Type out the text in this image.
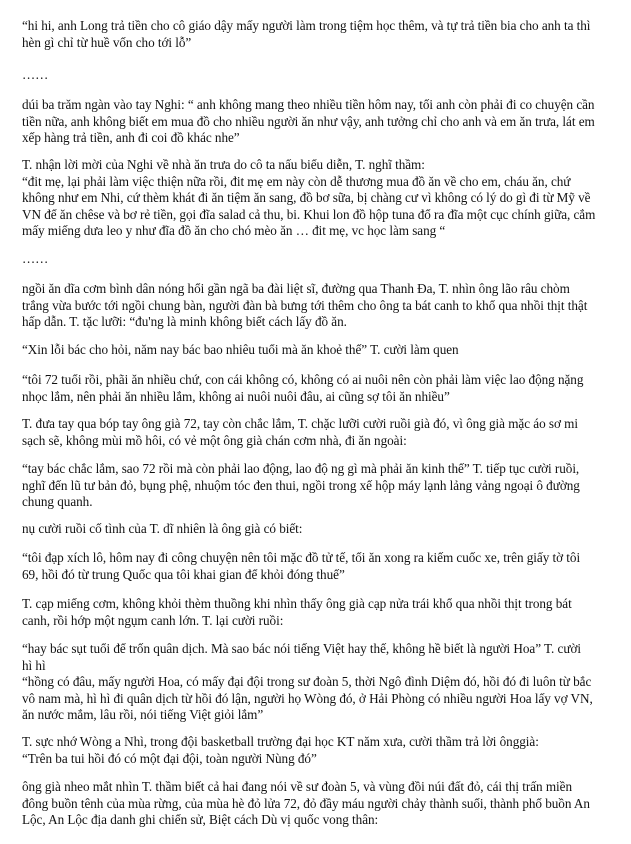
“hi hi, anh Long trả tiền cho cô giáo dậy mấy người làm trong tiệm học thêm, và tự trả tiền bia cho anh ta thì
hèn gì chỉ từ huề vốn cho tới lỗ”

……

dúi ba trăm ngàn vào tay Nghi: “ anh không mang theo nhiều tiền hôm nay, tối anh còn phải đi co chuyện cần
tiền nữa, anh không biết em mua đồ cho nhiều người ăn như vậy, anh tưởng chỉ cho anh và em ăn trưa, lát em
xếp hàng trả tiền, anh đi coi đồ khác nhe”

T. nhận lời mời của Nghi về nhà ăn trưa do cô ta nấu biểu diễn, T. nghĩ thầm:
“đit mẹ, lại phải làm việc thiện nữa rồi, đit mẹ em này còn dễ thương mua đồ ăn về cho em, cháu ăn, chứ
không như em Nhi, cứ thèm khát đi ăn tiệm ăn sang, đồ bơ sữa, bị chàng cư vì không có lý do gì đi từ Mỹ về
VN để ăn chêse và bơ rẻ tiền, gọi đĩa salad cả thu, bi. Khui lon đồ hộp tuna đổ ra đĩa một cục chính giữa, cắm
mấy miếng dưa leo y như đĩa đồ ăn cho chó mèo ăn … đit mẹ, vc học làm sang “

……

ngồi ăn dĩa cơm bình dân nóng hổi gần ngã ba đài liệt sĩ, đường qua Thanh Đa, T. nhìn ông lão râu chòm
trắng vừa bước tới ngồi chung bàn, người đàn bà bưng tới thêm cho ông ta bát canh to khổ qua nhồi thịt thật
hấp dẫn. T. tặc lưỡi: “đu'ng là minh không biết cách lấy đồ ăn.

“Xin lỗi bác cho hỏi, năm nay bác bao nhiêu tuổi mà ăn khoẻ thế” T. cười làm quen

“tôi 72 tuổi rồi, phãi ăn nhiều chứ, con cái không có, không có ai nuôi nên còn phải làm việc lao động nặng
nhọc lắm, nên phải ăn nhiều lắm, không ai nuôi nuôi đâu, ai cũng sợ tôi ăn nhiều”

T. đưa tay qua bóp tay ông già 72, tay còn chắc lắm, T. chặc lưỡi cười ruồi già đó, vì ông già mặc áo sơ mi
sạch sẽ, không mùi mồ hôi, có vẻ một ông già chán cơm nhà, đi ăn ngoài:

“tay bác chắc lắm, sao 72 rồi mà còn phải lao động, lao độ ng gì mà phải ăn kinh thế” T. tiếp tục cười ruồi,
nghĩ đến lũ tư bản đỏ, bụng phệ, nhuộm tóc đen thui, ngồi trong xế hộp máy lạnh lảng vảng ngoại ô đường
chung quanh.

nụ cười ruồi cố tình của T. dĩ nhiên là ông già có biết:

“tôi đạp xích lô, hôm nay đi công chuyện nên tôi mặc đồ tử tế, tối ăn xong ra kiếm cuốc xe, trên giấy tờ tôi
69, hồi đó từ trung Quốc qua tôi khai gian để khỏi đóng thuế”

T. cạp miếng cơm, không khỏi thèm thuồng khi nhìn thấy ông già cạp nửa trái khổ qua nhồi thịt trong bát
canh, rồi hớp một ngụm canh lớn. T. lại cười ruồi:

“hay bác sụt tuổi để trốn quân dịch. Mà sao bác nói tiếng Việt hay thế, không hề biết là người Hoa” T. cười
hì hì
“hồng có đâu, mấy người Hoa, có mấy đại đội trong sư đoàn 5, thời Ngô đình Diệm đó, hồi đó đi luôn từ bắc
vô nam mà, hì hì đi quân dịch từ hồi đó lận, người họ Wòng đó, ở Hải Phòng có nhiều người Hoa lấy vợ VN,
ăn nước mắm, lâu rồi, nói tiếng Việt giỏi lắm”

T. sực nhớ Wòng a Nhì, trong đội basketball trường đại học KT năm xưa, cười thầm trả lời ônggià:
“Trên ba tui hồi đó có một đại đội, toàn người Nùng đó”

ông già nheo mắt nhìn T. thầm biết cả hai đang nói về sư đoàn 5, và vùng đồi núi đất đỏ, cái thị trấn miền
đông buồn tênh của mùa rừng, của mùa hè đỏ lửa 72, đỏ đầy máu người chảy thành suối, thành phố buồn An
Lộc, An Lộc địa danh ghi chiến sử, Biệt cách Dù vị quốc vong thân:
